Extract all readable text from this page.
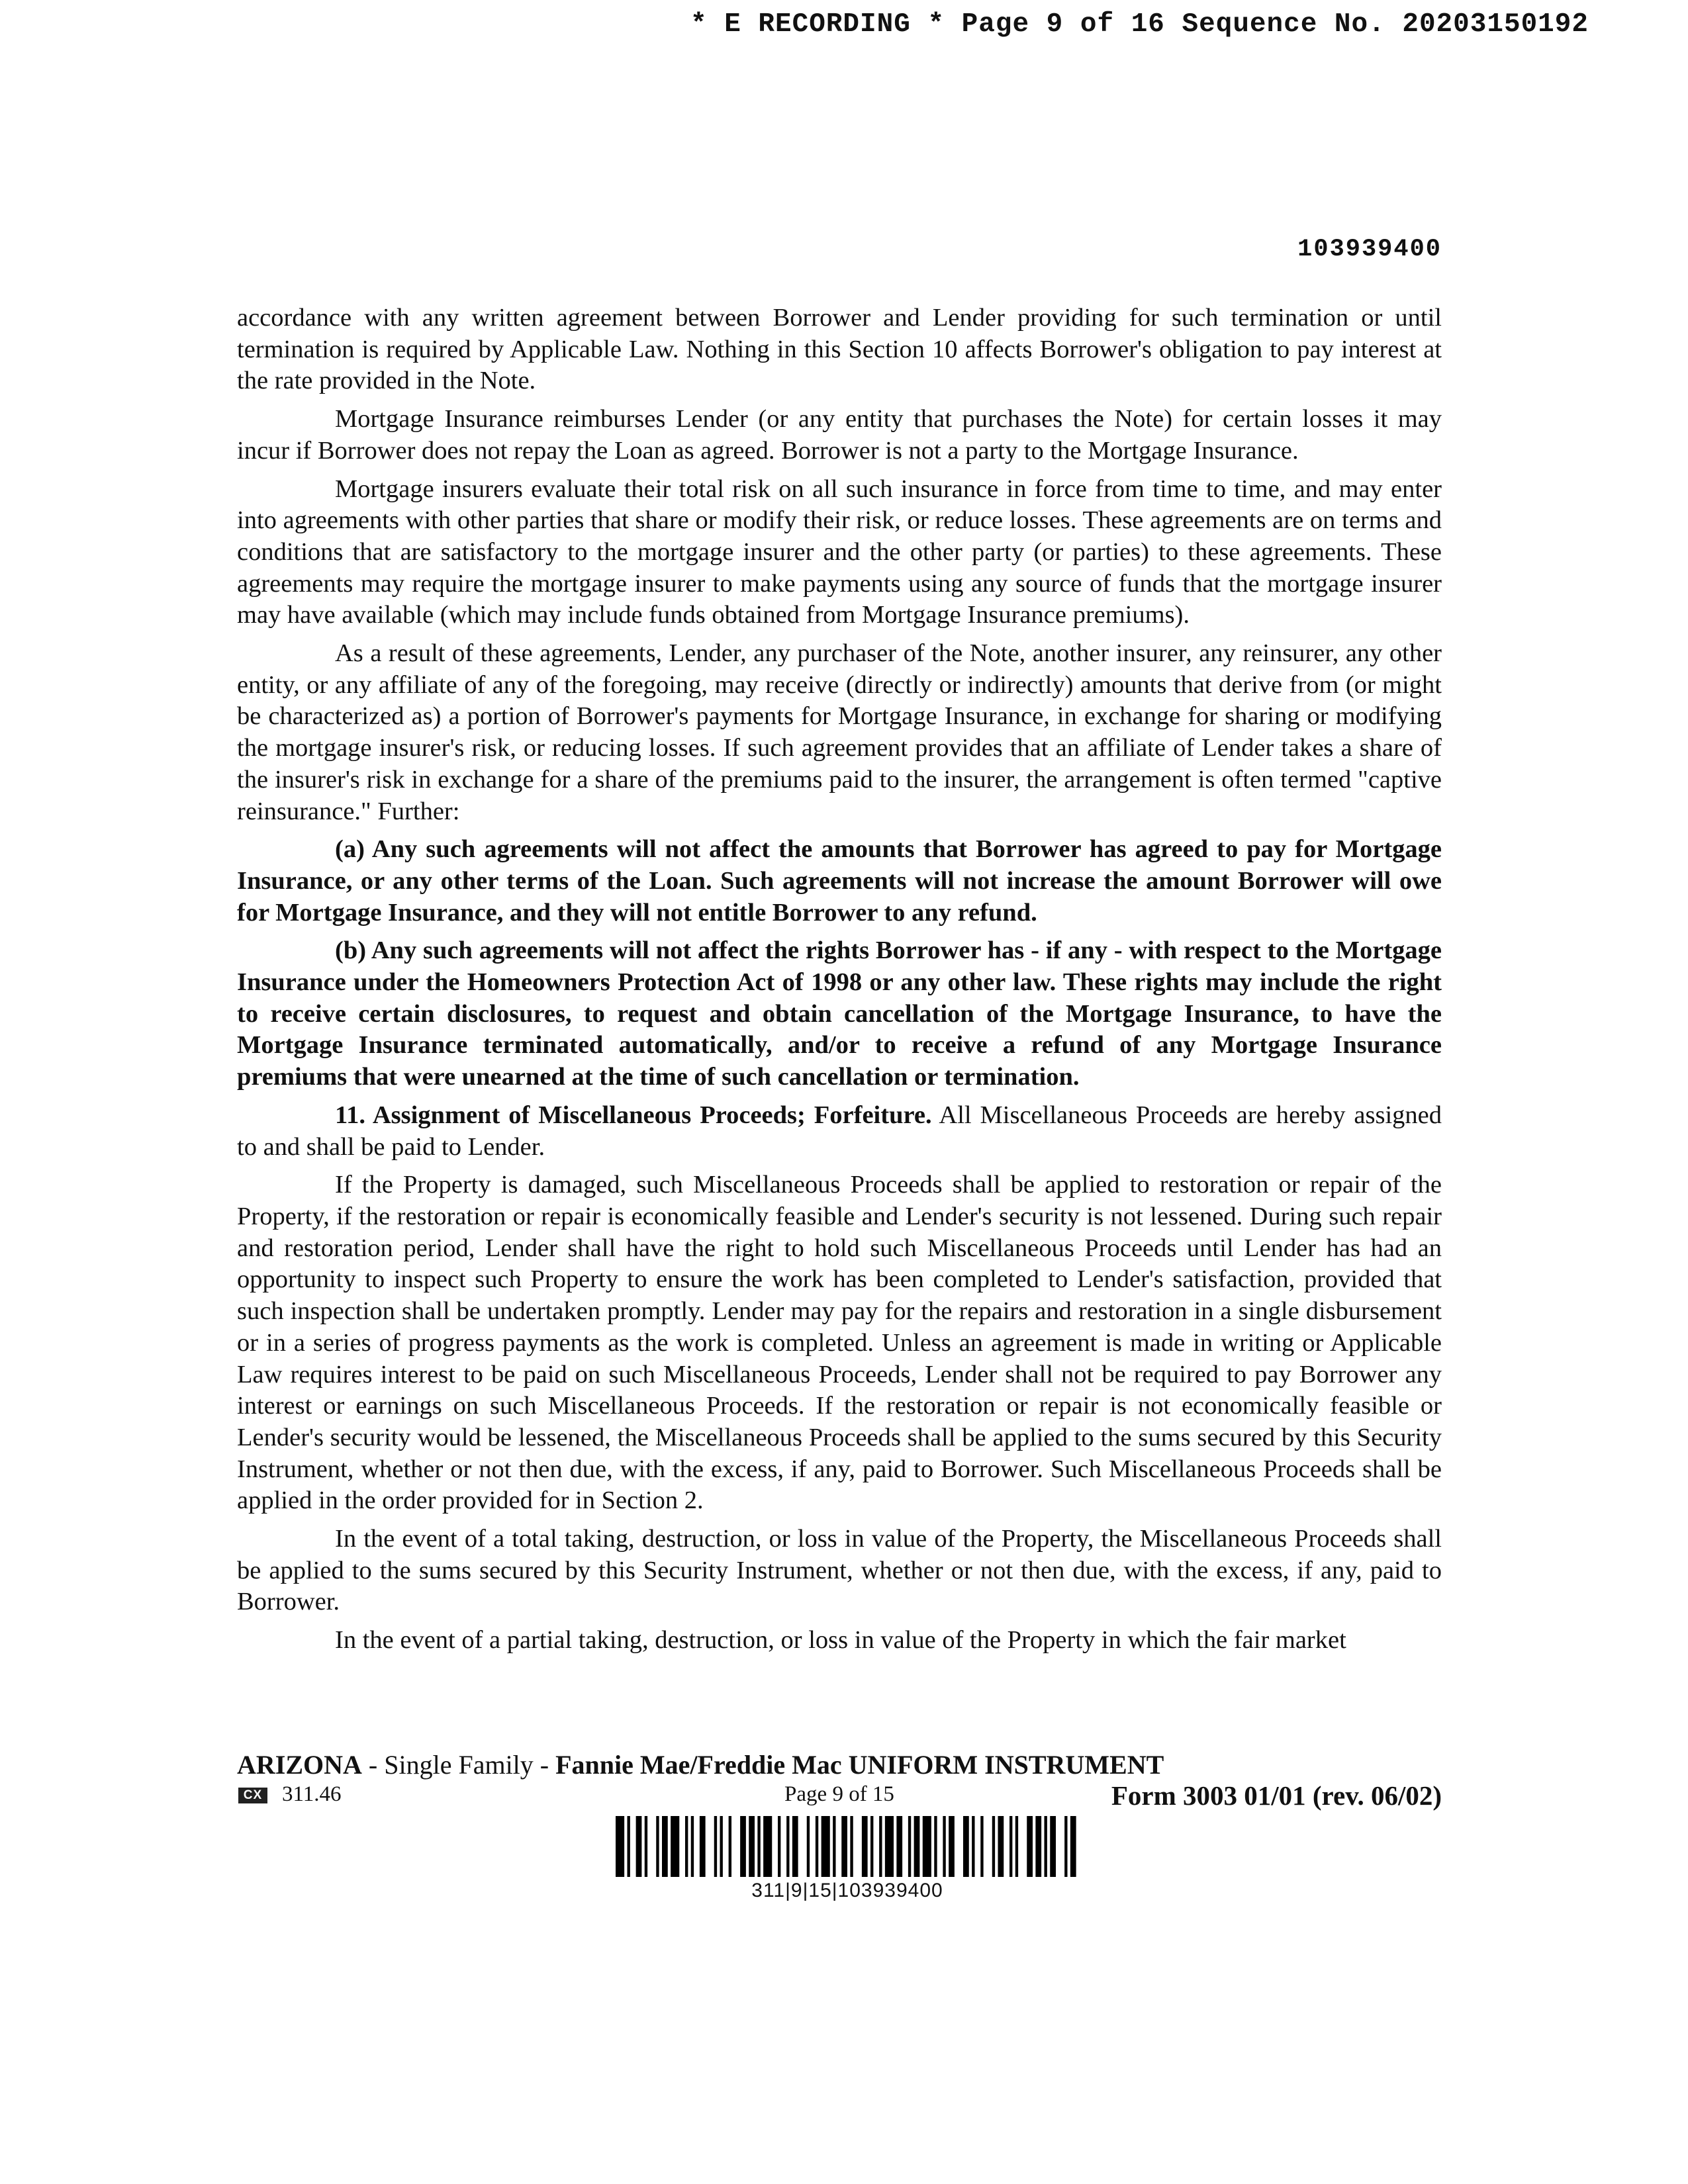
* E RECORDING * Page 9 of 16 Sequence No. 20203150192
103939400

accordance with any written agreement between Borrower and Lender providing for such termination or until termination is required by Applicable Law. Nothing in this Section 10 affects Borrower's obligation to pay interest at the rate provided in the Note.

Mortgage Insurance reimburses Lender (or any entity that purchases the Note) for certain losses it may incur if Borrower does not repay the Loan as agreed. Borrower is not a party to the Mortgage Insurance.

Mortgage insurers evaluate their total risk on all such insurance in force from time to time, and may enter into agreements with other parties that share or modify their risk, or reduce losses. These agreements are on terms and conditions that are satisfactory to the mortgage insurer and the other party (or parties) to these agreements. These agreements may require the mortgage insurer to make payments using any source of funds that the mortgage insurer may have available (which may include funds obtained from Mortgage Insurance premiums).

As a result of these agreements, Lender, any purchaser of the Note, another insurer, any reinsurer, any other entity, or any affiliate of any of the foregoing, may receive (directly or indirectly) amounts that derive from (or might be characterized as) a portion of Borrower's payments for Mortgage Insurance, in exchange for sharing or modifying the mortgage insurer's risk, or reducing losses. If such agreement provides that an affiliate of Lender takes a share of the insurer's risk in exchange for a share of the premiums paid to the insurer, the arrangement is often termed "captive reinsurance." Further:

(a) Any such agreements will not affect the amounts that Borrower has agreed to pay for Mortgage Insurance, or any other terms of the Loan. Such agreements will not increase the amount Borrower will owe for Mortgage Insurance, and they will not entitle Borrower to any refund.

(b) Any such agreements will not affect the rights Borrower has - if any - with respect to the Mortgage Insurance under the Homeowners Protection Act of 1998 or any other law. These rights may include the right to receive certain disclosures, to request and obtain cancellation of the Mortgage Insurance, to have the Mortgage Insurance terminated automatically, and/or to receive a refund of any Mortgage Insurance premiums that were unearned at the time of such cancellation or termination.

11. Assignment of Miscellaneous Proceeds; Forfeiture. All Miscellaneous Proceeds are hereby assigned to and shall be paid to Lender.

If the Property is damaged, such Miscellaneous Proceeds shall be applied to restoration or repair of the Property, if the restoration or repair is economically feasible and Lender's security is not lessened. During such repair and restoration period, Lender shall have the right to hold such Miscellaneous Proceeds until Lender has had an opportunity to inspect such Property to ensure the work has been completed to Lender's satisfaction, provided that such inspection shall be undertaken promptly. Lender may pay for the repairs and restoration in a single disbursement or in a series of progress payments as the work is completed. Unless an agreement is made in writing or Applicable Law requires interest to be paid on such Miscellaneous Proceeds, Lender shall not be required to pay Borrower any interest or earnings on such Miscellaneous Proceeds. If the restoration or repair is not economically feasible or Lender's security would be lessened, the Miscellaneous Proceeds shall be applied to the sums secured by this Security Instrument, whether or not then due, with the excess, if any, paid to Borrower. Such Miscellaneous Proceeds shall be applied in the order provided for in Section 2.

In the event of a total taking, destruction, or loss in value of the Property, the Miscellaneous Proceeds shall be applied to the sums secured by this Security Instrument, whether or not then due, with the excess, if any, paid to Borrower.

In the event of a partial taking, destruction, or loss in value of the Property in which the fair market

ARIZONA - Single Family - Fannie Mae/Freddie Mac UNIFORM INSTRUMENT
CX 311.46	Page 9 of 15	Form 3003 01/01 (rev. 06/02)
311|9|15|103939400
